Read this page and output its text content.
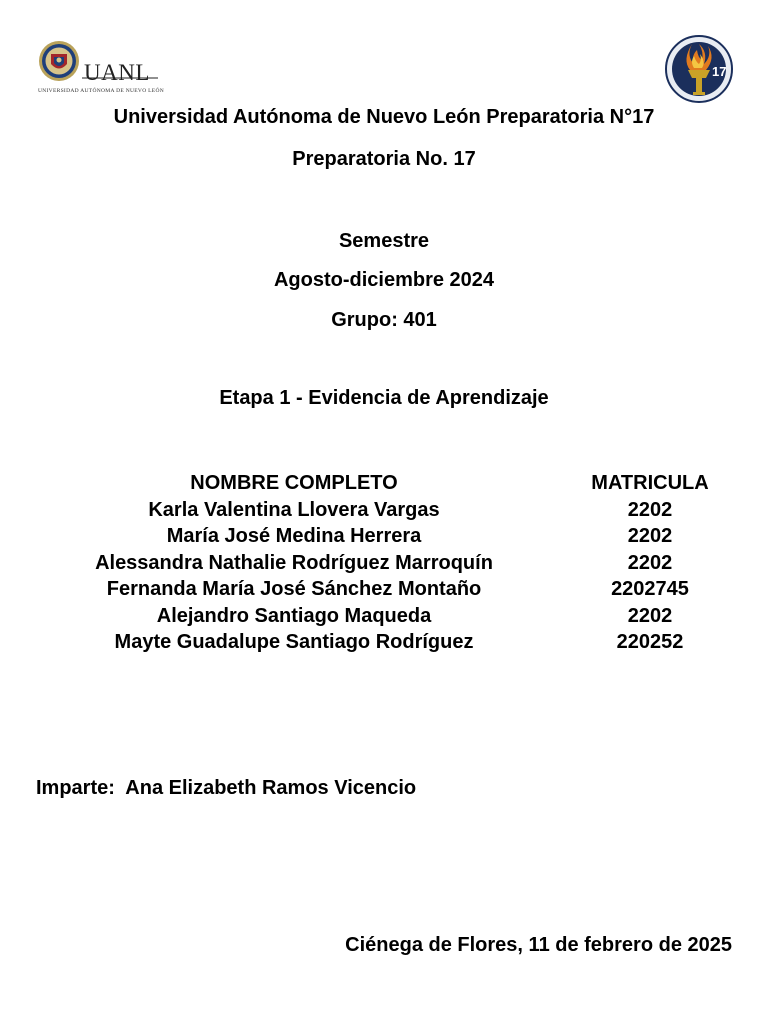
UANL
UNIVERSIDAD AUTÓNOMA DE NUEVO LEÓN
17
Universidad Autónoma de Nuevo León Preparatoria N°17
Preparatoria No. 17
Semestre
Agosto-diciembre 2024
Grupo: 401
Etapa 1 - Evidencia de Aprendizaje
NOMBRE COMPLETO	MATRICULA
Karla Valentina Llovera Vargas	2202
María José Medina Herrera	2202
Alessandra Nathalie Rodríguez Marroquín	2202
Fernanda María José Sánchez Montaño	2202745
Alejandro Santiago Maqueda	2202
Mayte Guadalupe Santiago Rodríguez	220252
Imparte:  Ana Elizabeth Ramos Vicencio
Ciénega de Flores, 11 de febrero de 2025
